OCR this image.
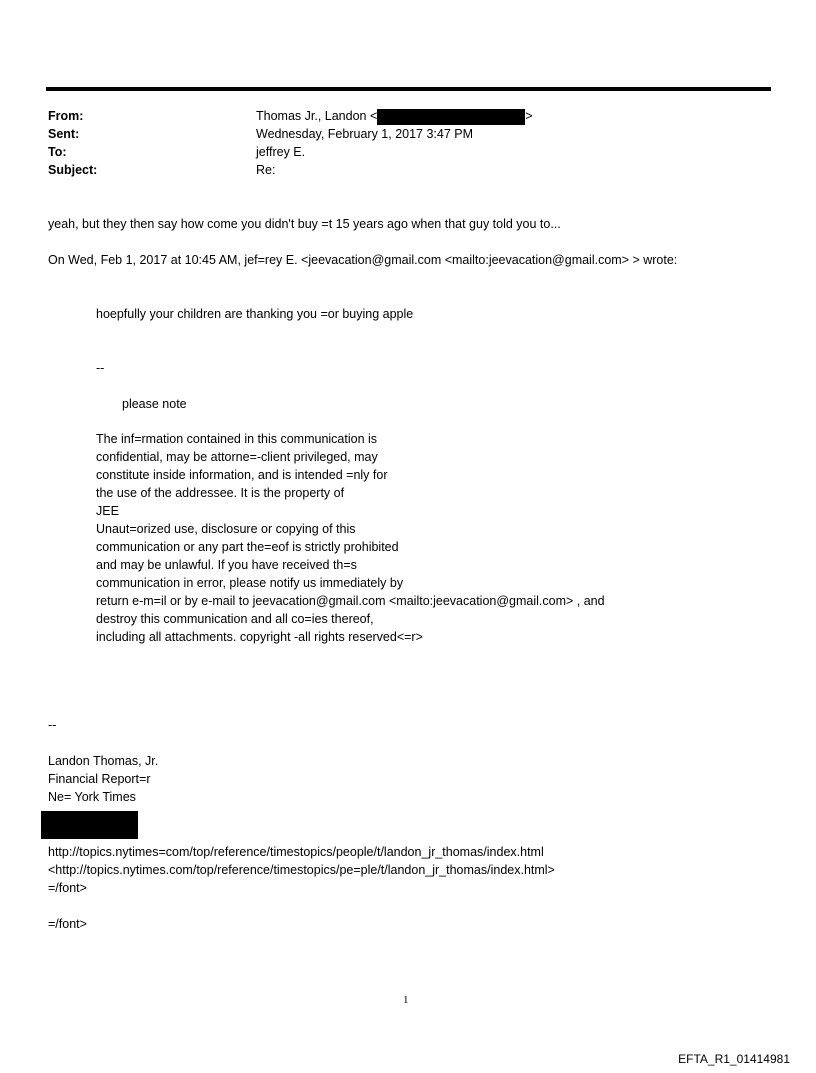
From:	Thomas Jr., Landon <	>
Sent:	Wednesday, February 1, 2017 3:47 PM
To:	jeffrey E.
Subject:	Re:
yeah, but they then say how come you didn't buy =t 15 years ago when that guy told you to...
On Wed, Feb 1, 2017 at 10:45 AM, jef=rey E. <jeevacation@gmail.com <mailto:jeevacation@gmail.com> > wrote:
hoepfully your children are thanking you =or buying apple
--
please note
The inf=rmation contained in this communication is
confidential, may be attorne=-client privileged, may
constitute inside information, and is intended =nly for
the use of the addressee. It is the property of
JEE
Unaut=orized use, disclosure or copying of this
communication or any part the=eof is strictly prohibited
and may be unlawful. If you have received th=s
communication in error, please notify us immediately by
return e-m=il or by e-mail to jeevacation@gmail.com <mailto:jeevacation@gmail.com> , and
destroy this communication and all co=ies thereof,
including all attachments. copyright -all rights reserved<=r>
--
Landon Thomas, Jr.
Financial Report=r
Ne= York Times
http://topics.nytimes=com/top/reference/timestopics/people/t/landon_jr_thomas/index.html
<http://topics.nytimes.com/top/reference/timestopics/pe=ple/t/landon_jr_thomas/index.html>
=/font>
=/font>
1
EFTA_R1_01414981
